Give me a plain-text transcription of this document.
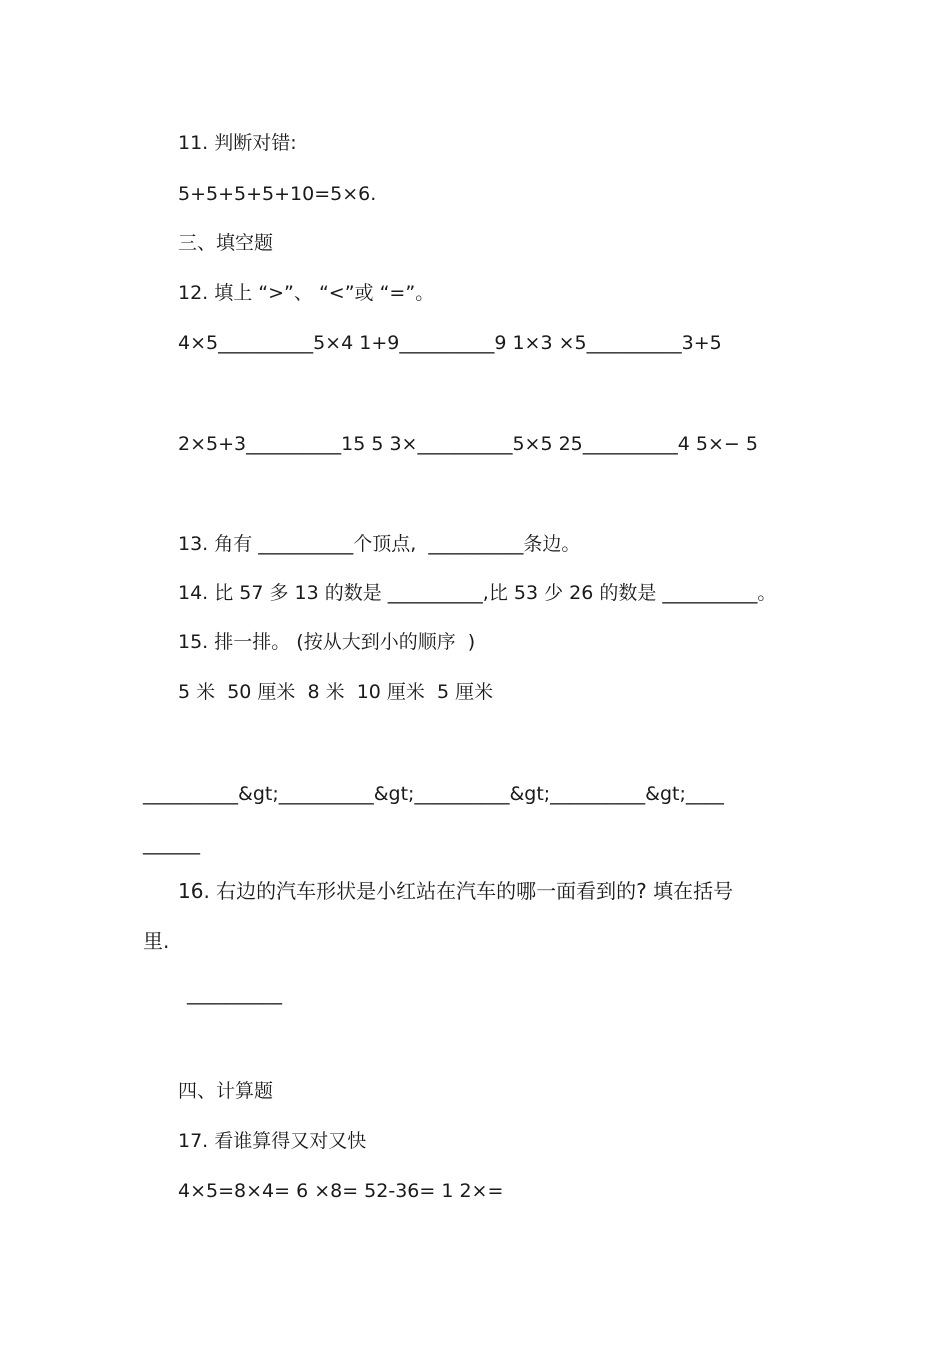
11. 判断对错:
5+5+5+5+10=5×6.
三、填空题
12. 填上 “>”、 “<”或 “=”。
4×5__________5×4 1+9__________9 1×3 ×5__________3+5
2×5+3__________15 5 3×__________5×5 25__________4 5×− 5
13. 角有 __________个顶点,  __________条边。
14. 比 57 多 13 的数是 __________,比 53 少 26 的数是 __________。
15. 排一排。 (按从大到小的顺序  )
5 米  50 厘米  8 米  10 厘米  5 厘米
__________&gt;__________&gt;__________&gt;__________&gt;____
______
16. 右边的汽车形状是小红站在汽车的哪一面看到的? 填在括号
里.
__________
四、计算题
17. 看谁算得又对又快
4×5=8×4= 6 ×8= 52-36= 1 2×=
